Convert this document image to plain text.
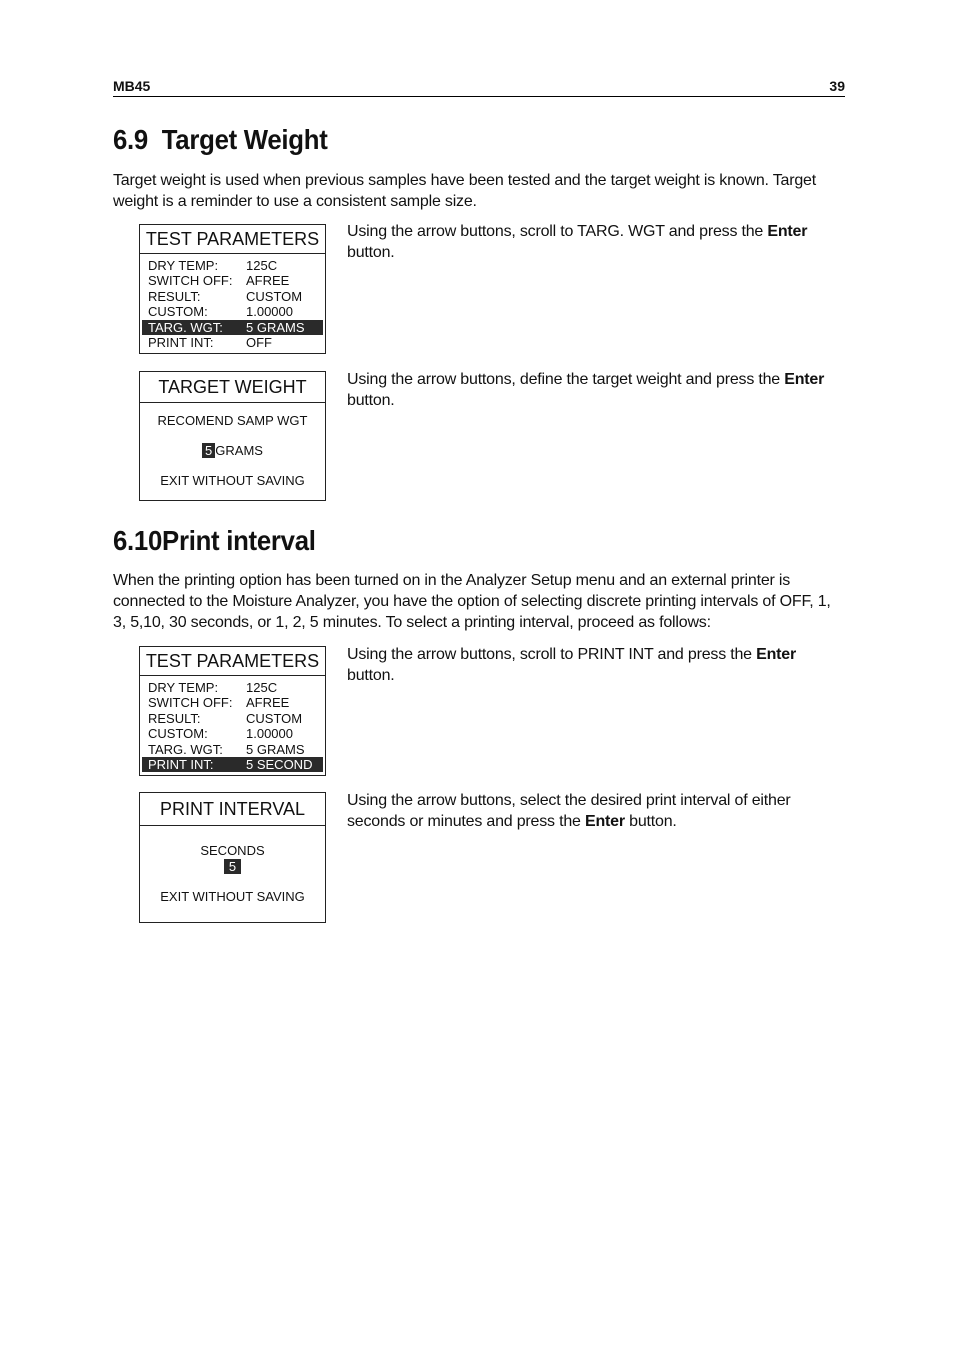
MB45	39
6.9 Target Weight

Target weight is used when previous samples have been tested and the target weight is known. Target weight is a reminder to use a consistent sample size.

TEST PARAMETERS
DRY TEMP: 125C
SWITCH OFF: AFREE
RESULT:	CUSTOM
CUSTOM:	1.00000
TARG. WGT: 5 GRAMS
PRINT INT:	OFF

Using the arrow buttons, scroll to TARG. WGT and press the Enter button.

TARGET WEIGHT
RECOMEND SAMP WGT
5 GRAMS
EXIT WITHOUT SAVING

Using the arrow buttons, define the target weight and press the Enter button.

6.10Print interval

When the printing option has been turned on in the Analyzer Setup menu and an external printer is connected to the Moisture Analyzer, you have the option of selecting discrete printing intervals of OFF, 1, 3, 5,10, 30 seconds, or 1, 2, 5 minutes. To select a printing interval, proceed as follows:

TEST PARAMETERS
DRY TEMP: 125C
SWITCH OFF: AFREE
RESULT:	CUSTOM
CUSTOM:	1.00000
TARG. WGT: 5 GRAMS
PRINT INT:	5 SECOND

Using the arrow buttons, scroll to PRINT INT and press the Enter button.

PRINT INTERVAL
SECONDS
5
EXIT WITHOUT SAVING

Using the arrow buttons, select the desired print interval of either seconds or minutes and press the Enter button.
